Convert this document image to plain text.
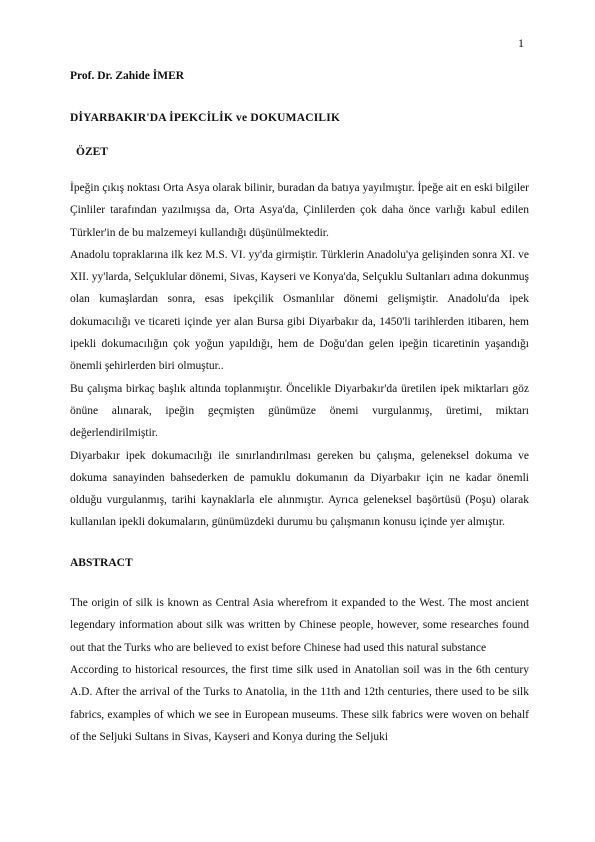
1

Prof. Dr. Zahide İMER

DİYARBAKIR'DA İPEKCİLİK ve DOKUMACILIK

ÖZET

İpeğin çıkış noktası Orta Asya olarak bilinir, buradan da batıya yayılmıştır. İpeğe ait en eski bilgiler Çinliler tarafından yazılmışsa da, Orta Asya'da, Çinlilerden çok daha önce varlığı kabul edilen Türkler'in de bu malzemeyi kullandığı düşünülmektedir.

Anadolu topraklarına ilk kez M.S. VI. yy'da girmiştir. Türklerin Anadolu'ya gelişinden sonra XI. ve XII. yy'larda, Selçuklular dönemi, Sivas, Kayseri ve Konya'da, Selçuklu Sultanları adına dokunmuş olan kumaşlardan sonra, esas ipekçilik Osmanlılar dönemi gelişmiştir. Anadolu'da ipek dokumacılığı ve ticareti içinde yer alan Bursa gibi Diyarbakır da, 1450'li tarihlerden itibaren, hem ipekli dokumacılığın çok yoğun yapıldığı, hem de Doğu'dan gelen ipeğin ticaretinin yaşandığı önemli şehirlerden biri olmuştur..

Bu çalışma birkaç başlık altında toplanmıştır. Öncelikle Diyarbakır'da üretilen ipek miktarları göz önüne alınarak, ipeğin geçmişten günümüze önemi vurgulanmış, üretimi, miktarı değerlendirilmiştir.

Diyarbakır ipek dokumacılığı ile sınırlandırılması gereken bu çalışma, geleneksel dokuma ve dokuma sanayinden bahsederken de pamuklu dokumanın da Diyarbakır için ne kadar önemli olduğu vurgulanmış, tarihi kaynaklarla ele alınmıştır. Ayrıca geleneksel başörtüsü (Poşu) olarak kullanılan ipekli dokumaların, günümüzdeki durumu bu çalışmanın konusu içinde yer almıştır.

ABSTRACT

The origin of silk is known as Central Asia wherefrom it expanded to the West. The most ancient legendary information about silk was written by Chinese people, however, some researches found out that the Turks who are believed to exist before Chinese had used this natural substance

According to historical resources, the first time silk used in Anatolian soil was in the 6th century A.D. After the arrival of the Turks to Anatolia, in the 11th and 12th centuries, there used to be silk fabrics, examples of which we see in European museums. These silk fabrics were woven on behalf of the Seljuki Sultans in Sivas, Kayseri and Konya during the Seljuki
